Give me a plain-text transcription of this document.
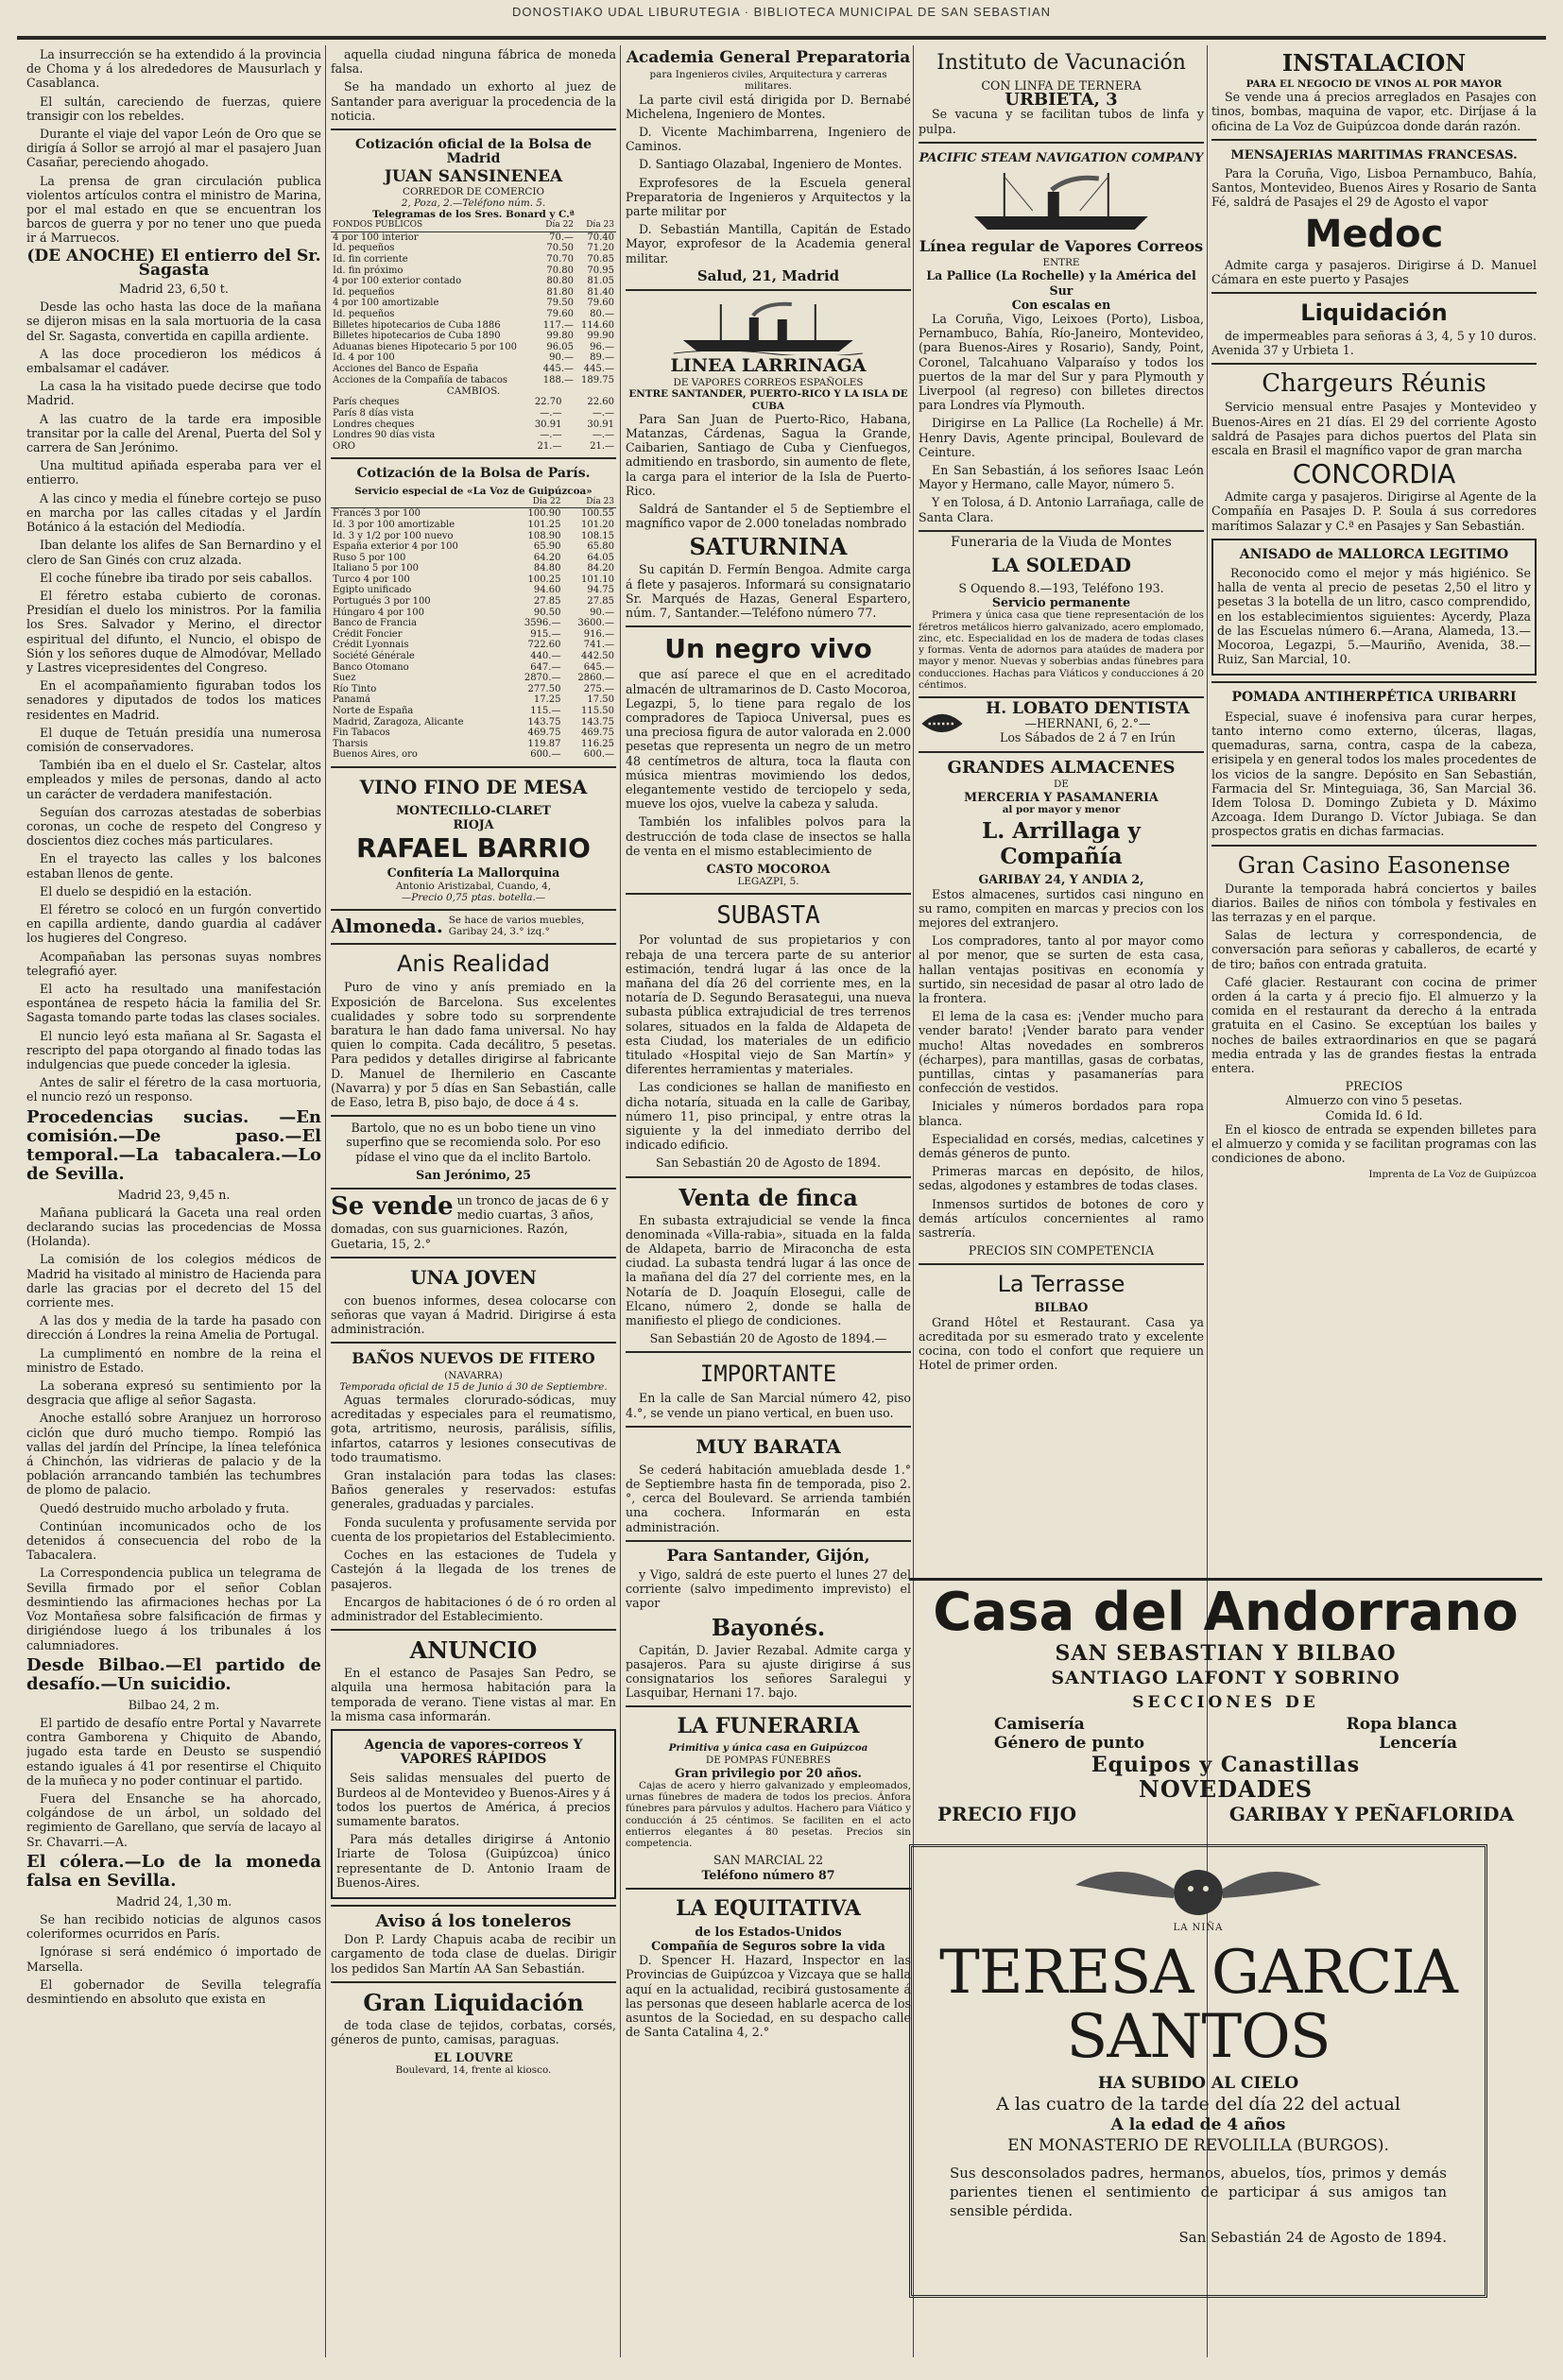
DONOSTIAKO UDAL LIBURUTEGIA · BIBLIOTECA MUNICIPAL DE SAN SEBASTIAN

La insurrección se ha extendido á la provincia de Choma y á los alrededores de Mausurlach y Casablanca.

El sultán, careciendo de fuerzas, quiere transigir con los rebeldes.

Durante el viaje del vapor León de Oro que se dirigía á Sollor se arrojó al mar el pasajero Juan Casañar, pereciendo ahogado.

La prensa de gran circulación publica violentos artículos contra el ministro de Marina, por el mal estado en que se encuentran los barcos de guerra y por no tener uno que pueda ir á Marruecos.

(DE ANOCHE) El entierro del Sr. Sagasta

Madrid 23, 6,50 t.

Desde las ocho hasta las doce de la mañana se dijeron misas en la sala mortuoria de la casa del Sr. Sagasta, convertida en capilla ardiente.

A las doce procedieron los médicos á embalsamar el cadáver.

La casa la ha visitado puede decirse que todo Madrid.

A las cuatro de la tarde era imposible transitar por la calle del Arenal, Puerta del Sol y carrera de San Jerónimo.

Una multitud apiñada esperaba para ver el entierro.

A las cinco y media el fúnebre cortejo se puso en marcha por las calles citadas y el Jardín Botánico á la estación del Mediodía.

Iban delante los alifes de San Bernardino y el clero de San Ginés con cruz alzada.

El coche fúnebre iba tirado por seis caballos.

El féretro estaba cubierto de coronas. Presidían el duelo los ministros. Por la familia los Sres. Salvador y Merino, el director espiritual del difunto, el Nuncio, el obispo de Sión y los señores duque de Almodóvar, Mellado y Lastres vicepresidentes del Congreso.

En el acompañamiento figuraban todos los senadores y diputados de todos los matices residentes en Madrid.

El duque de Tetuán presidía una numerosa comisión de conservadores.

También iba en el duelo el Sr. Castelar, altos empleados y miles de personas, dando al acto un carácter de verdadera manifestación.

Seguían dos carrozas atestadas de soberbias coronas, un coche de respeto del Congreso y doscientos diez coches más particulares.

En el trayecto las calles y los balcones estaban llenos de gente.

El duelo se despidió en la estación.

El féretro se colocó en un furgón convertido en capilla ardiente, dando guardia al cadáver los hugieres del Congreso.

Acompañaban las personas suyas nombres telegrafió ayer.

El acto ha resultado una manifestación espontánea de respeto hácia la familia del Sr. Sagasta tomando parte todas las clases sociales.

El nuncio leyó esta mañana al Sr. Sagasta el rescripto del papa otorgando al finado todas las indulgencias que puede conceder la iglesia.

Antes de salir el féretro de la casa mortuoria, el nuncio rezó un responso.

Procedencias sucias. —En comisión.—De paso.—El temporal.—La tabacalera.—Lo de Sevilla.

Madrid 23, 9,45 n.

Mañana publicará la Gaceta una real orden declarando sucias las procedencias de Mossa (Holanda).

La comisión de los colegios médicos de Madrid ha visitado al ministro de Hacienda para darle las gracias por el decreto del 15 del corriente mes.

A las dos y media de la tarde ha pasado con dirección á Londres la reina Amelia de Portugal.

La cumplimentó en nombre de la reina el ministro de Estado.

La soberana expresó su sentimiento por la desgracia que aflige al señor Sagasta.

Anoche estalló sobre Aranjuez un horroroso ciclón que duró mucho tiempo. Rompió las vallas del jardín del Príncipe, la línea telefónica á Chinchón, las vidrieras de palacio y de la población arrancando también las techumbres de plomo de palacio.

Quedó destruido mucho arbolado y fruta.

Continúan incomunicados ocho de los detenidos á consecuencia del robo de la Tabacalera.

La Correspondencia publica un telegrama de Sevilla firmado por el señor Coblan desmintiendo las afirmaciones hechas por La Voz Montañesa sobre falsificación de firmas y dirigiéndose luego á los tribunales á los calumniadores.

Desde Bilbao.—El partido de desafío.—Un suicidio.

Bilbao 24, 2 m.

El partido de desafío entre Portal y Navarrete contra Gamborena y Chiquito de Abando, jugado esta tarde en Deusto se suspendió estando iguales á 41 por resentirse el Chiquito de la muñeca y no poder continuar el partido.

Fuera del Ensanche se ha ahorcado, colgándose de un árbol, un soldado del regimiento de Garellano, que servía de lacayo al Sr. Chavarri.—A.

El cólera.—Lo de la moneda falsa en Sevilla.

Madrid 24, 1,30 m.

Se han recibido noticias de algunos casos coleriformes ocurridos en París.

Ignórase si será endémico ó importado de Marsella.

El gobernador de Sevilla telegrafía desmintiendo en absoluto que exista en

aquella ciudad ninguna fábrica de moneda falsa.

Se ha mandado un exhorto al juez de Santander para averiguar la procedencia de la noticia.

Cotización oficial de la Bolsa de Madrid
JUAN SANSINENEA
CORREDOR DE COMERCIO
2, Poza, 2.—Teléfono núm. 5.
Telegramas de los Sres. Bonard y C.ª
FONDOS PÚBLICOS	Día 22	Día 23
4 por 100 interior	70.—	70.40
Id. pequeños	70.50	71.20
Id. fin corriente	70.70	70.85
Id. fin próximo	70.80	70.95
4 por 100 exterior contado	80.80	81.05
Id. pequeños	81.80	81.40
4 por 100 amortizable	79.50	79.60
Id. pequeños	79.60	80.—
Billetes hipotecarios de Cuba 1886	117.—	114.60
Billetes hipotecarios de Cuba 1890	99.80	99.90
Aduanas bienes Hipotecario 5 por 100	96.05	96.—
Id. 4 por 100	90.—	89.—
Acciones del Banco de España	445.—	445.—
Acciones de la Compañía de tabacos	188.—	189.75
CAMBIOS.
París cheques	22.70	22.60
París 8 días vista	—.—	—.—
Londres cheques	30.91	30.91
Londres 90 días vista	—.—	—.—
ORO	21.—	21.—
Cotización de la Bolsa de París.
Servicio especial de «La Voz de Guipúzcoa»
	Día 22	Día 23
Francés 3 por 100	100.90	100.55
Id. 3 por 100 amortizable	101.25	101.20
Id. 3 y 1/2 por 100 nuevo	108.90	108.15
España exterior 4 por 100	65.90	65.80
Ruso 5 por 100	64.20	64.05
Italiano 5 por 100	84.80	84.20
Turco 4 por 100	100.25	101.10
Egipto unificado	94.60	94.75
Portugués 3 por 100	27.85	27.85
Húngaro 4 por 100	90.50	90.—
Banco de Francia	3596.—	3600.—
Crédit Foncier	915.—	916.—
Crédit Lyonnais	722.60	741.—
Société Générale	440.—	442.50
Banco Otomano	647.—	645.—
Suez	2870.—	2860.—
Río Tinto	277.50	275.—
Panamá	17.25	17.50
Norte de España	115.—	115.50
Madrid, Zaragoza, Alicante	143.75	143.75
Fin Tabacos	469.75	469.75
Tharsis	119.87	116.25
Buenos Aires, oro	600.—	600.—
VINO FINO DE MESA
MONTECILLO-CLARET
RIOJA
RAFAEL BARRIO
Confitería La Mallorquina
Antonio Aristizabal, Cuando, 4,
—Precio 0,75 ptas. botella.—
Almoneda. Se hace de varios muebles, Garibay 24, 3.° izq.°
Anis Realidad

Puro de vino y anís premiado en la Exposición de Barcelona. Sus excelentes cualidades y sobre todo su sorprendente baratura le han dado fama universal. No hay quien lo compita. Cada decálitro, 5 pesetas. Para pedidos y detalles dirigirse al fabricante D. Manuel de Ihernilerio en Cascante (Navarra) y por 5 días en San Sebastián, calle de Easo, letra B, piso bajo, de doce á 4 s.

Bartolo, que no es un bobo tiene un vino superfino que se recomienda solo. Por eso pídase el vino que da el inclito Bartolo.

San Jerónimo, 25
Se vende un tronco de jacas de 6 y medio cuartas, 3 años, domadas, con sus guarniciones. Razón, Guetaria, 15, 2.°
UNA JOVEN

con buenos informes, desea colocarse con señoras que vayan á Madrid. Dirigirse á esta administración.

BAÑOS NUEVOS DE FITERO
(NAVARRA)
Temporada oficial de 15 de Junio á 30 de Septiembre.

Aguas termales clorurado-sódicas, muy acreditadas y especiales para el reumatismo, gota, artritismo, neurosis, parálisis, sífilis, infartos, catarros y lesiones consecutivas de todo traumatismo.

Gran instalación para todas las clases: Baños generales y reservados: estufas generales, graduadas y parciales.

Fonda suculenta y profusamente servida por cuenta de los propietarios del Establecimiento.

Coches en las estaciones de Tudela y Castejón á la llegada de los trenes de pasajeros.

Encargos de habitaciones ó de ó ro orden al administrador del Establecimiento.

ANUNCIO

En el estanco de Pasajes San Pedro, se alquila una hermosa habitación para la temporada de verano. Tiene vistas al mar. En la misma casa informarán.

Agencia de vapores-correos Y VAPORES RÁPIDOS

Seis salidas mensuales del puerto de Burdeos al de Montevideo y Buenos-Aires y á todos los puertos de América, á precios sumamente baratos.

Para más detalles dirigirse á Antonio Iriarte de Tolosa (Guipúzcoa) único representante de D. Antonio Iraam de Buenos-Aires.

Aviso á los toneleros

Don P. Lardy Chapuis acaba de recibir un cargamento de toda clase de duelas. Dirigir los pedidos San Martín AA San Sebastián.

Gran Liquidación

de toda clase de tejidos, corbatas, corsés, géneros de punto, camisas, paraguas.

EL LOUVRE
Boulevard, 14, frente al kiosco.
Academia General Preparatoria
para Ingenieros civiles, Arquitectura y carreras militares.

La parte civil está dirigida por D. Bernabé Michelena, Ingeniero de Montes.

D. Vicente Machimbarrena, Ingeniero de Caminos.

D. Santiago Olazabal, Ingeniero de Montes.

Exprofesores de la Escuela general Preparatoria de Ingenieros y Arquitectos y la parte militar por

D. Sebastián Mantilla, Capitán de Estado Mayor, exprofesor de la Academia general militar.

Salud, 21, Madrid
LINEA LARRINAGA
DE VAPORES CORREOS ESPAÑOLES
ENTRE SANTANDER, PUERTO-RICO Y LA ISLA DE CUBA

Para San Juan de Puerto-Rico, Habana, Matanzas, Cárdenas, Sagua la Grande, Caibarien, Santiago de Cuba y Cienfuegos, admitiendo en trasbordo, sin aumento de flete, la carga para el interior de la Isla de Puerto-Rico.

Saldrá de Santander el 5 de Septiembre el magnífico vapor de 2.000 toneladas nombrado

SATURNINA

Su capitán D. Fermín Bengoa. Admite carga á flete y pasajeros. Informará su consignatario Sr. Marqués de Hazas, General Espartero, núm. 7, Santander.—Teléfono número 77.

Un negro vivo

que así parece el que en el acreditado almacén de ultramarinos de D. Casto Mocoroa, Legazpi, 5, lo tiene para regalo de los compradores de Tapioca Universal, pues es una preciosa figura de autor valorada en 2.000 pesetas que representa un negro de un metro 48 centímetros de altura, toca la flauta con música mientras movimiendo los dedos, elegantemente vestido de terciopelo y seda, mueve los ojos, vuelve la cabeza y saluda.

También los infalibles polvos para la destrucción de toda clase de insectos se halla de venta en el mismo establecimiento de

CASTO MOCOROA
LEGAZPI, 5.
SUBASTA

Por voluntad de sus propietarios y con rebaja de una tercera parte de su anterior estimación, tendrá lugar á las once de la mañana del día 26 del corriente mes, en la notaría de D. Segundo Berasategui, una nueva subasta pública extrajudicial de tres terrenos solares, situados en la falda de Aldapeta de esta Ciudad, los materiales de un edificio titulado «Hospital viejo de San Martín» y diferentes herramientas y materiales.

Las condiciones se hallan de manifiesto en dicha notaría, situada en la calle de Garibay, número 11, piso principal, y entre otras la siguiente y la del inmediato derribo del indicado edificio.

San Sebastián 20 de Agosto de 1894.

Venta de finca

En subasta extrajudicial se vende la finca denominada «Villa-rabia», situada en la falda de Aldapeta, barrio de Miraconcha de esta ciudad. La subasta tendrá lugar á las once de la mañana del día 27 del corriente mes, en la Notaría de D. Joaquín Elosegui, calle de Elcano, número 2, donde se halla de manifiesto el pliego de condiciones.

San Sebastián 20 de Agosto de 1894.—

IMPORTANTE

En la calle de San Marcial número 42, piso 4.°, se vende un piano vertical, en buen uso.

MUY BARATA

Se cederá habitación amueblada desde 1.° de Septiembre hasta fin de temporada, piso 2.°, cerca del Boulevard. Se arrienda también una cochera. Informarán en esta administración.

Para Santander, Gijón,

y Vigo, saldrá de este puerto el lunes 27 del corriente (salvo impedimento imprevisto) el vapor

Bayonés.

Capitán, D. Javier Rezabal. Admite carga y pasajeros. Para su ajuste dirigirse á sus consignatarios los señores Saralegui y Lasquibar, Hernani 17. bajo.

LA FUNERARIA
Primitiva y única casa en Guipúzcoa
DE POMPAS FÚNEBRES
Gran privilegio por 20 años.

Cajas de acero y hierro galvanizado y empleomados, urnas fúnebres de madera de todos los precios. Ánfora fúnebres para párvulos y adultos. Hachero para Viático y conducción á 25 céntimos. Se faciliten en el acto entierros elegantes á 80 pesetas. Precios sin competencia.

SAN MARCIAL 22
Teléfono número 87
LA EQUITATIVA
de los Estados-Unidos
Compañía de Seguros sobre la vida

D. Spencer H. Hazard, Inspector en las Provincias de Guipúzcoa y Vizcaya que se halla aquí en la actualidad, recibirá gustosamente á las personas que deseen hablarle acerca de los asuntos de la Sociedad, en su despacho calle de Santa Catalina 4, 2.°

Instituto de Vacunación
CON LINFA DE TERNERA
URBIETA, 3

Se vacuna y se facilitan tubos de linfa y pulpa.

PACIFIC STEAM NAVIGATION COMPANY
Línea regular de Vapores Correos
ENTRE
La Pallice (La Rochelle) y la América del Sur
Con escalas en

La Coruña, Vigo, Leixoes (Porto), Lisboa, Pernambuco, Bahía, Río-Janeiro, Montevideo, (para Buenos-Aires y Rosario), Sandy, Point, Coronel, Talcahuano Valparaíso y todos los puertos de la mar del Sur y para Plymouth y Liverpool (al regreso) con billetes directos para Londres vía Plymouth.

Dirigirse en La Pallice (La Rochelle) á Mr. Henry Davis, Agente principal, Boulevard de Ceinture.

En San Sebastián, á los señores Isaac León Mayor y Hermano, calle Mayor, número 5.

Y en Tolosa, á D. Antonio Larrañaga, calle de Santa Clara.

Funeraria de la Viuda de Montes
LA SOLEDAD
S Oquendo 8.—193, Teléfono 193.
Servicio permanente

Primera y única casa que tiene representación de los féretros metálicos hierro galvanizado, acero emplomado, zinc, etc. Especialidad en los de madera de todas clases y formas. Venta de adornos para ataúdes de madera por mayor y menor. Nuevas y soberbias andas fúnebres para conducciones. Hachas para Viáticos y conducciones á 20 céntimos.

H. LOBATO DENTISTA
—HERNANI, 6, 2.°—
Los Sábados de 2 á 7 en Irún
GRANDES ALMACENES
DE
MERCERIA Y PASAMANERIA
al por mayor y menor
L. Arrillaga y Compañía
GARIBAY 24, Y ANDIA 2,

Estos almacenes, surtidos casi ninguno en su ramo, compiten en marcas y precios con los mejores del extranjero.

Los compradores, tanto al por mayor como al por menor, que se surten de esta casa, hallan ventajas positivas en economía y surtido, sin necesidad de pasar al otro lado de la frontera.

El lema de la casa es: ¡Vender mucho para vender barato! ¡Vender barato para vender mucho! Altas novedades en sombreros (écharpes), para mantillas, gasas de corbatas, puntillas, cintas y pasamanerías para confección de vestidos.

Iniciales y números bordados para ropa blanca.

Especialidad en corsés, medias, calcetines y demás géneros de punto.

Primeras marcas en depósito, de hilos, sedas, algodones y estambres de todas clases.

Inmensos surtidos de botones de coro y demás artículos concernientes al ramo sastrería.

PRECIOS SIN COMPETENCIA
La Terrasse
BILBAO

Grand Hôtel et Restaurant. Casa ya acreditada por su esmerado trato y excelente cocina, con todo el confort que requiere un Hotel de primer orden.

INSTALACION
PARA EL NEGOCIO DE VINOS AL POR MAYOR

Se vende una á precios arreglados en Pasajes con tinos, bombas, maquina de vapor, etc. Diríjase á la oficina de La Voz de Guipúzcoa donde darán razón.

MENSAJERIAS MARITIMAS FRANCESAS.

Para la Coruña, Vigo, Lisboa Pernambuco, Bahía, Santos, Montevideo, Buenos Aires y Rosario de Santa Fé, saldrá de Pasajes el 29 de Agosto el vapor

Medoc

Admite carga y pasajeros. Dirigirse á D. Manuel Cámara en este puerto y Pasajes

Liquidación

de impermeables para señoras á 3, 4, 5 y 10 duros. Avenida 37 y Urbieta 1.

Chargeurs Réunis

Servicio mensual entre Pasajes y Montevideo y Buenos-Aires en 21 días. El 29 del corriente Agosto saldrá de Pasajes para dichos puertos del Plata sin escala en Brasil el magnífico vapor de gran marcha

CONCORDIA

Admite carga y pasajeros. Dirigirse al Agente de la Compañía en Pasajes D. P. Soula á sus corredores marítimos Salazar y C.ª en Pasajes y San Sebastián.

ANISADO de MALLORCA LEGITIMO

Reconocido como el mejor y más higiénico. Se halla de venta al precio de pesetas 2,50 el litro y pesetas 3 la botella de un litro, casco comprendido, en los establecimientos siguientes: Aycerdy, Plaza de las Escuelas número 6.—Arana, Alameda, 13.—Mocoroa, Legazpi, 5.—Mauriño, Avenida, 38.—Ruiz, San Marcial, 10.

POMADA ANTIHERPÉTICA URIBARRI

Especial, suave é inofensiva para curar herpes, tanto interno como externo, úlceras, llagas, quemaduras, sarna, contra, caspa de la cabeza, erisipela y en general todos los males procedentes de los vicios de la sangre. Depósito en San Sebastián, Farmacia del Sr. Minteguiaga, 36, San Marcial 36. Idem Tolosa D. Domingo Zubieta y D. Máximo Azcoaga. Idem Durango D. Víctor Jubiaga. Se dan prospectos gratis en dichas farmacias.

Gran Casino Easonense

Durante la temporada habrá conciertos y bailes diarios. Bailes de niños con tómbola y festivales en las terrazas y en el parque.

Salas de lectura y correspondencia, de conversación para señoras y caballeros, de ecarté y de tiro; baños con entrada gratuita.

Café glacier. Restaurant con cocina de primer orden á la carta y á precio fijo. El almuerzo y la comida en el restaurant da derecho á la entrada gratuita en el Casino. Se exceptúan los bailes y noches de bailes extraordinarios en que se pagará media entrada y las de grandes fiestas la entrada entera.

PRECIOS
Almuerzo con vino 5 pesetas.
Comida Id. 6 Id.

En el kiosco de entrada se expenden billetes para el almuerzo y comida y se facilitan programas con las condiciones de abono.

Imprenta de La Voz de Guipúzcoa
Casa del Andorrano
SAN SEBASTIAN Y BILBAO
SANTIAGO LAFONT Y SOBRINO
SECCIONES DE
Camisería	Ropa blanca
Género de punto	Lencería
Equipos y Canastillas
NOVEDADES
PRECIO FIJO	GARIBAY Y PEÑAFLORIDA
LA NIÑA
TERESA GARCIA SANTOS
HA SUBIDO AL CIELO
A las cuatro de la tarde del día 22 del actual
A la edad de 4 años
EN MONASTERIO DE REVOLILLA (BURGOS).
Sus desconsolados padres, hermanos, abuelos, tíos, primos y demás parientes tienen el sentimiento de participar á sus amigos tan sensible pérdida.
San Sebastián 24 de Agosto de 1894.
